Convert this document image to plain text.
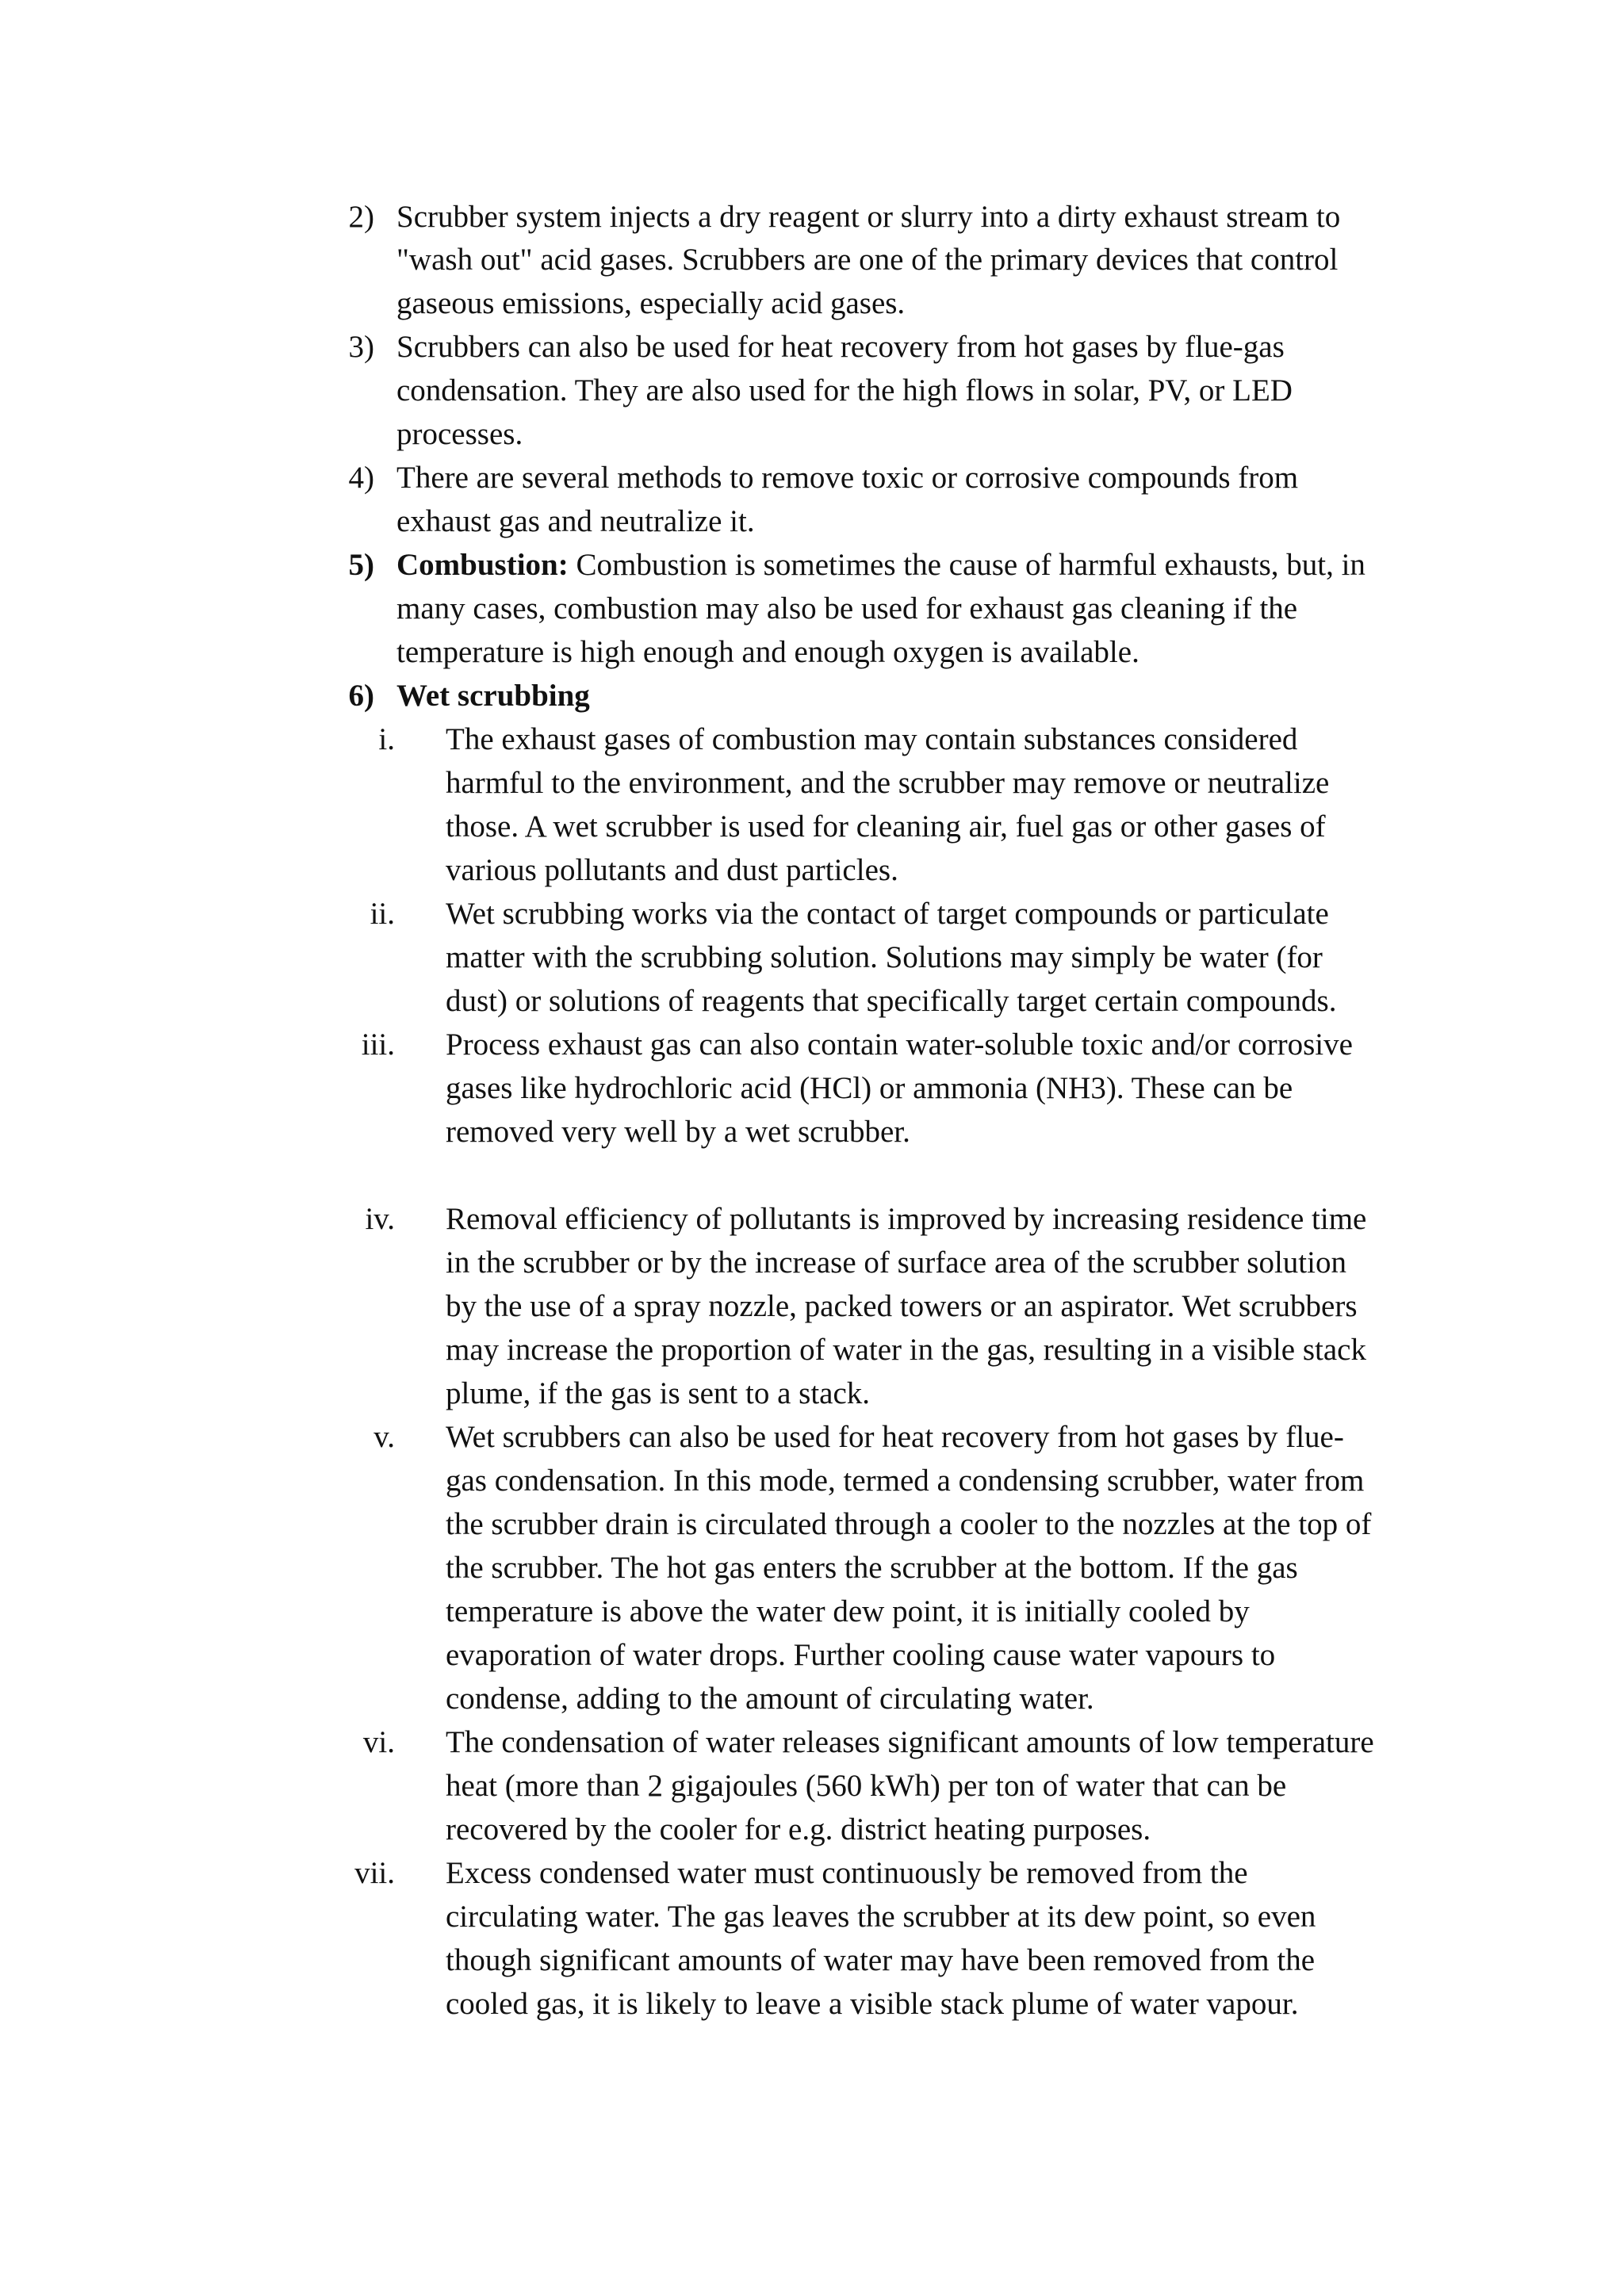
2) Scrubber system injects a dry reagent or slurry into a dirty exhaust stream to
"wash out" acid gases. Scrubbers are one of the primary devices that control
gaseous emissions, especially acid gases.
3) Scrubbers can also be used for heat recovery from hot gases by flue-gas
condensation. They are also used for the high flows in solar, PV, or LED
processes.
4) There are several methods to remove toxic or corrosive compounds from
exhaust gas and neutralize it.
5) Combustion: Combustion is sometimes the cause of harmful exhausts, but, in
many cases, combustion may also be used for exhaust gas cleaning if the
temperature is high enough and enough oxygen is available.
6) Wet scrubbing
i. The exhaust gases of combustion may contain substances considered
harmful to the environment, and the scrubber may remove or neutralize
those. A wet scrubber is used for cleaning air, fuel gas or other gases of
various pollutants and dust particles.
ii. Wet scrubbing works via the contact of target compounds or particulate
matter with the scrubbing solution. Solutions may simply be water (for
dust) or solutions of reagents that specifically target certain compounds.
iii. Process exhaust gas can also contain water-soluble toxic and/or corrosive
gases like hydrochloric acid (HCl) or ammonia (NH3). These can be
removed very well by a wet scrubber.
iv. Removal efficiency of pollutants is improved by increasing residence time
in the scrubber or by the increase of surface area of the scrubber solution
by the use of a spray nozzle, packed towers or an aspirator. Wet scrubbers
may increase the proportion of water in the gas, resulting in a visible stack
plume, if the gas is sent to a stack.
v. Wet scrubbers can also be used for heat recovery from hot gases by flue-
gas condensation. In this mode, termed a condensing scrubber, water from
the scrubber drain is circulated through a cooler to the nozzles at the top of
the scrubber. The hot gas enters the scrubber at the bottom. If the gas
temperature is above the water dew point, it is initially cooled by
evaporation of water drops. Further cooling cause water vapours to
condense, adding to the amount of circulating water.
vi. The condensation of water releases significant amounts of low temperature
heat (more than 2 gigajoules (560 kWh) per ton of water that can be
recovered by the cooler for e.g. district heating purposes.
vii. Excess condensed water must continuously be removed from the
circulating water. The gas leaves the scrubber at its dew point, so even
though significant amounts of water may have been removed from the
cooled gas, it is likely to leave a visible stack plume of water vapour.
